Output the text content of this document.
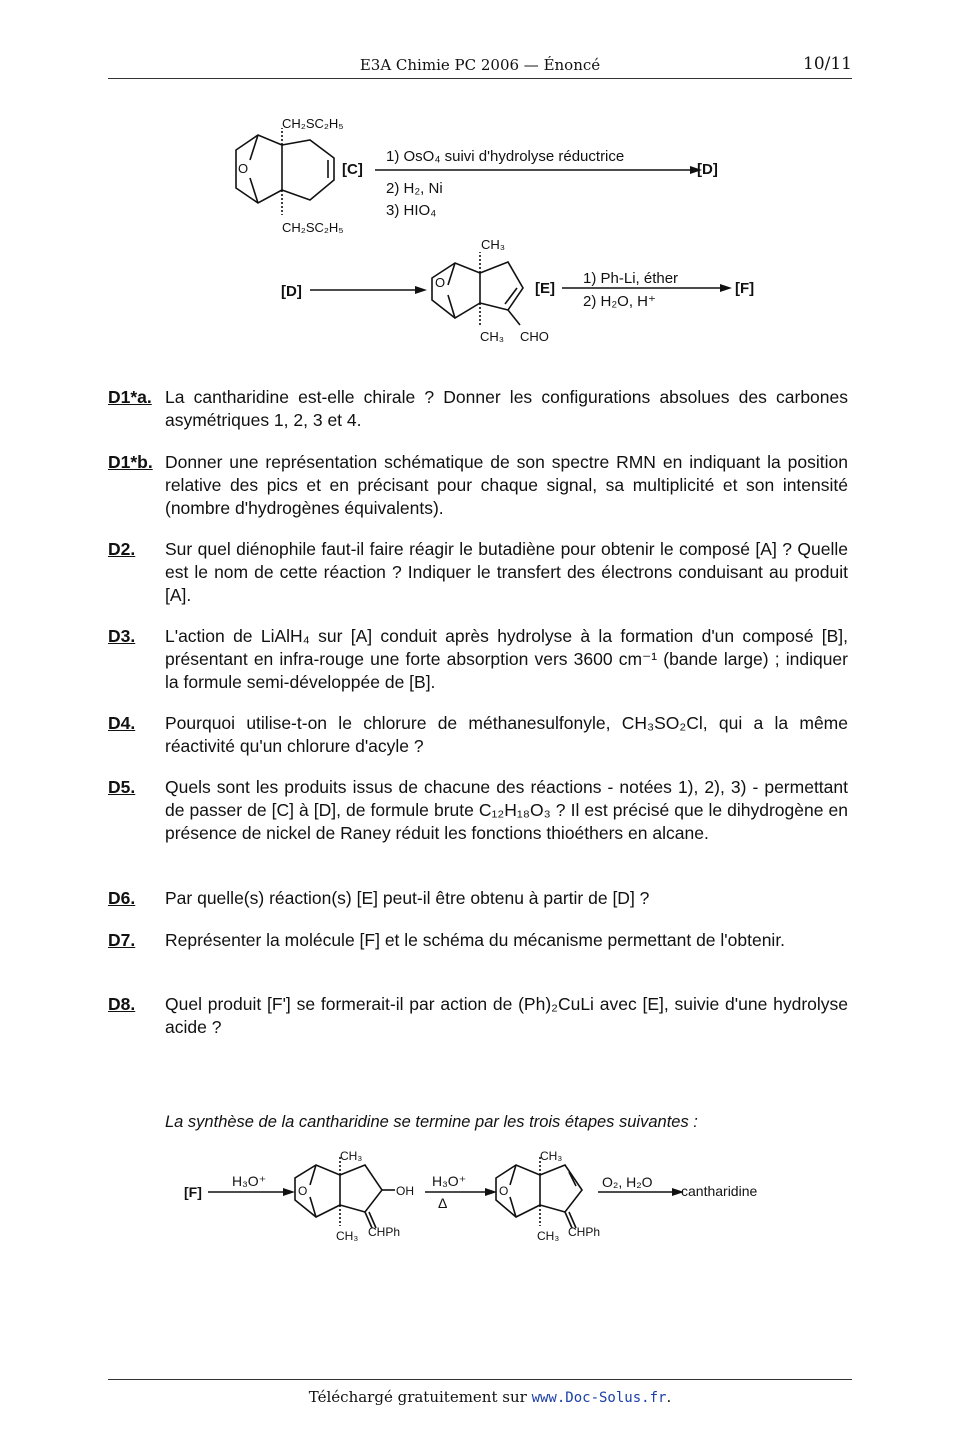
E3A Chimie PC 2006 — Énoncé	10/11
CH₂SC₂H₅
CH₂SC₂H₅
O	[C]
1) OsO₄ suivi d'hydrolyse réductrice
2) H₂, Ni
3) HIO₄
[D]
[D]
CH₃
CH₃ CHO
O	[E]
1) Ph-Li, éther
2) H₂O, H⁺
[F]
[F]
H₃O⁺
CH₃
CH₃ CHPh
OH
O
H₃O⁺
Δ
CH₃
CH₃ CHPh
O
O₂, H₂O
cantharidine
D1*a. La cantharidine est-elle chirale ? Donner les configurations absolues des carbones asymétriques 1, 2, 3 et 4.
D1*b. Donner une représentation schématique de son spectre RMN en indiquant la position relative des pics et en précisant pour chaque signal, sa multiplicité et son intensité (nombre d'hydrogènes équivalents).
D2. Sur quel diénophile faut-il faire réagir le butadiène pour obtenir le composé [A] ? Quelle est le nom de cette réaction ? Indiquer le transfert des électrons conduisant au produit [A].
D3. L'action de LiAlH₄ sur [A] conduit après hydrolyse à la formation d'un composé [B], présentant en infra-rouge une forte absorption vers 3600 cm⁻¹ (bande large) ; indiquer la formule semi-développée de [B].
D4. Pourquoi utilise-t-on le chlorure de méthanesulfonyle, CH₃SO₂Cl, qui a la même réactivité qu'un chlorure d'acyle ?
D5. Quels sont les produits issus de chacune des réactions - notées 1), 2), 3) - permettant de passer de [C] à [D], de formule brute C₁₂H₁₈O₃ ? Il est précisé que le dihydrogène en présence de nickel de Raney réduit les fonctions thioéthers en alcane.
D6. Par quelle(s) réaction(s) [E] peut-il être obtenu à partir de [D] ?
D7. Représenter la molécule [F] et le schéma du mécanisme permettant de l'obtenir.
D8. Quel produit [F'] se formerait-il par action de (Ph)₂CuLi avec [E], suivie d'une hydrolyse acide ?
La synthèse de la cantharidine se termine par les trois étapes suivantes :
Téléchargé gratuitement sur www.Doc-Solus.fr.
